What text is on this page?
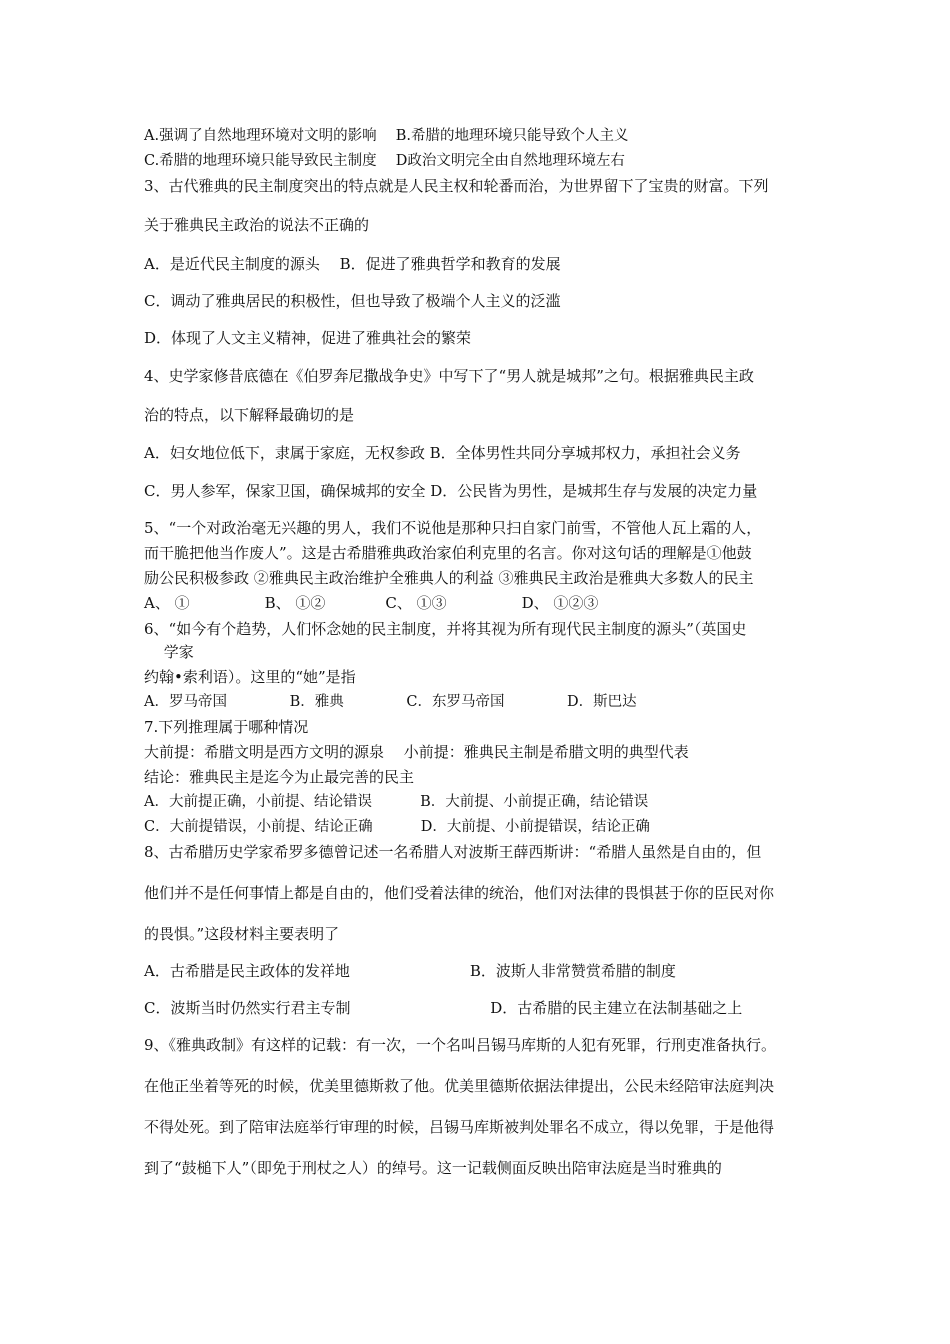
A.强调了自然地理环境对文明的影响　 B.希腊的地理环境只能导致个人主义
C.希腊的地理环境只能导致民主制度　 D政治文明完全由自然地理环境左右
3、古代雅典的民主制度突出的特点就是人民主权和轮番而治，为世界留下了宝贵的财富。下列
关于雅典民主政治的说法不正确的
A．是近代民主制度的源头　 B．促进了雅典哲学和教育的发展
C．调动了雅典居民的积极性，但也导致了极端个人主义的泛滥
D．体现了人文主义精神，促进了雅典社会的繁荣
4、史学家修昔底德在《伯罗奔尼撒战争史》中写下了“男人就是城邦”之句。根据雅典民主政
治的特点，以下解释最确切的是
A．妇女地位低下，隶属于家庭，无权参政 B．全体男性共同分享城邦权力，承担社会义务
C．男人参军，保家卫国，确保城邦的安全 D．公民皆为男性，是城邦生存与发展的决定力量
5、“一个对政治毫无兴趣的男人，我们不说他是那种只扫自家门前雪，不管他人瓦上霜的人，
而干脆把他当作废人”。这是古希腊雅典政治家伯利克里的名言。你对这句话的理解是①他鼓
励公民积极参政 ②雅典民主政治维护全雅典人的利益 ③雅典民主政治是雅典大多数人的民主
A、 ①　　　　　B、 ①②　　　　C、 ①③　　　　　D、 ①②③
6、“如今有个趋势，人们怀念她的民主制度，并将其视为所有现代民主制度的源头”（英国史
　 学家
约翰•索利语）。这里的“她”是指
A．罗马帝国　　　　 B．雅典　　　　 C．东罗马帝国　　　　 D．斯巴达
7.下列推理属于哪种情况
大前提：希腊文明是西方文明的源泉　 小前提：雅典民主制是希腊文明的典型代表
结论：雅典民主是迄今为止最完善的民主
A．大前提正确，小前提、结论错误　　　 B．大前提、小前提正确，结论错误
C．大前提错误，小前提、结论正确　　　 D．大前提、小前提错误，结论正确
8、古希腊历史学家希罗多德曾记述一名希腊人对波斯王薛西斯讲：“希腊人虽然是自由的，但
他们并不是任何事情上都是自由的，他们受着法律的统治，他们对法律的畏惧甚于你的臣民对你
的畏惧。”这段材料主要表明了
A．古希腊是民主政体的发祥地　　　　　　　　B．波斯人非常赞赏希腊的制度
C．波斯当时仍然实行君主专制　　　　　　　　　 D．古希腊的民主建立在法制基础之上
9、《雅典政制》有这样的记载：有一次，一个名叫吕锡马库斯的人犯有死罪，行刑吏准备执行。
在他正坐着等死的时候，优美里德斯救了他。优美里德斯依据法律提出，公民未经陪审法庭判决
不得处死。到了陪审法庭举行审理的时候，吕锡马库斯被判处罪名不成立，得以免罪，于是他得
到了“鼓槌下人”（即免于刑杖之人）的绰号。这一记载侧面反映出陪审法庭是当时雅典的
